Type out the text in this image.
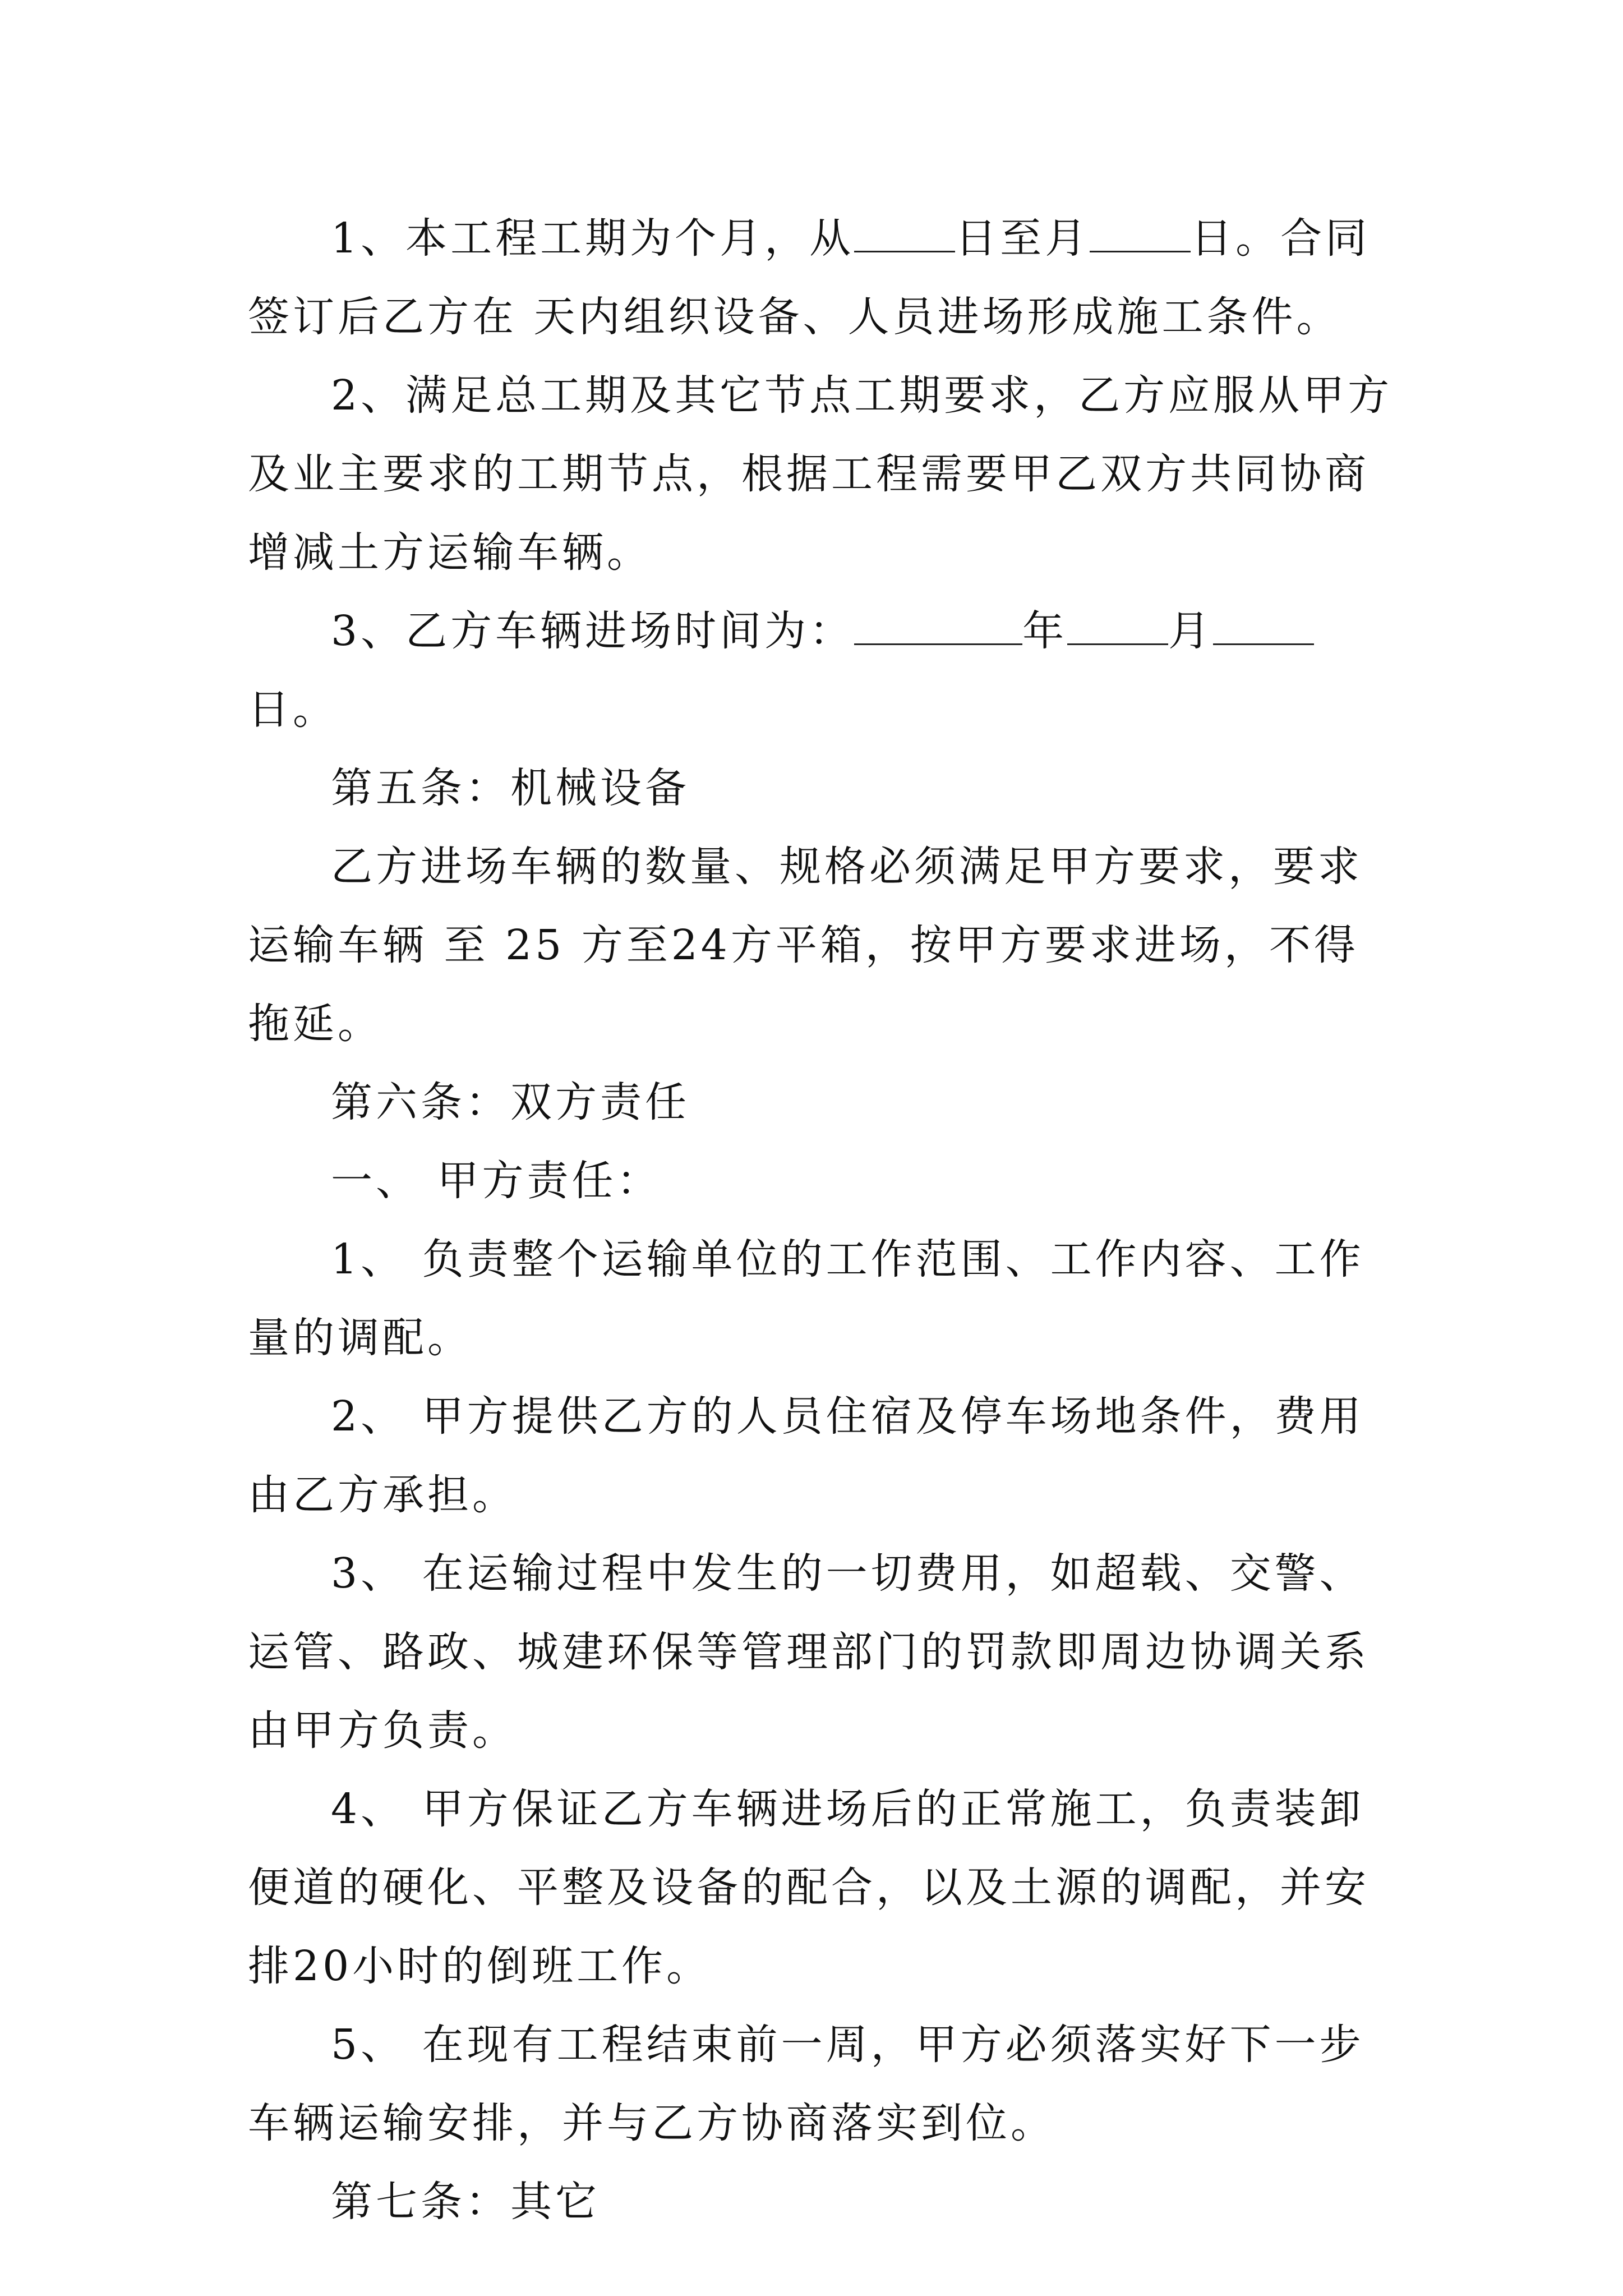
1、本工程工期为个月，从 日至月 日。合同签订后乙方在 天内组织设备、人员进场形成施工条件。

2、满足总工期及其它节点工期要求，乙方应服从甲方及业主要求的工期节点，根据工程需要甲乙双方共同协商增减土方运输车辆。

3、乙方车辆进场时间为：	年 月日。

第五条：机械设备

乙方进场车辆的数量、规格必须满足甲方要求，要求运输车辆 至 25 方至24方平箱，按甲方要求进场，不得拖延。

第六条：双方责任

一、 甲方责任：

1、 负责整个运输单位的工作范围、工作内容、工作量的调配。

2、 甲方提供乙方的人员住宿及停车场地条件，费用由乙方承担。

3、 在运输过程中发生的一切费用，如超载、交警、运管、路政、城建环保等管理部门的罚款即周边协调关系由甲方负责。

4、 甲方保证乙方车辆进场后的正常施工，负责装卸便道的硬化、平整及设备的配合，以及土源的调配，并安排20小时的倒班工作。

5、 在现有工程结束前一周，甲方必须落实好下一步车辆运输安排，并与乙方协商落实到位。

第七条：其它
